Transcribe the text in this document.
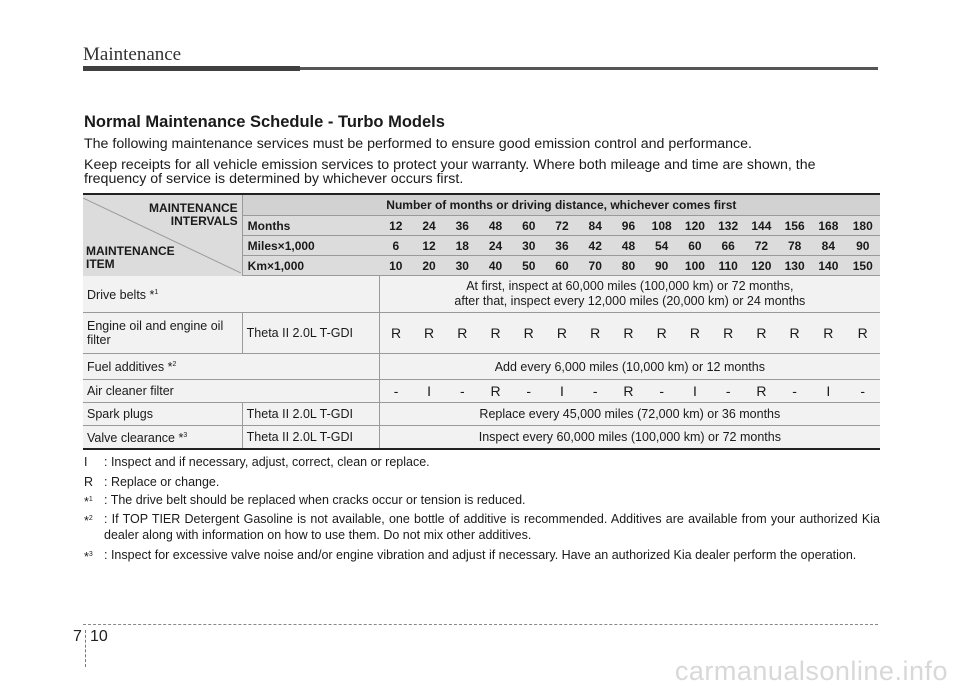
Maintenance
Normal Maintenance Schedule - Turbo Models
The following maintenance services must be performed to ensure good emission control and performance.
Keep receipts for all vehicle emission services to protect your warranty. Where both mileage and time are shown, the
frequency of service is determined by whichever occurs first.
MAINTENANCE
INTERVALS
MAINTENANCE
ITEM	Number of months or driving distance, whichever comes first															
	Months	12	24	36	48	60	72	84	96	108	120	132	144	156	168	180
	Miles×1,000	6	12	18	24	30	36	42	48	54	60	66	72	78	84	90
	Km×1,000	10	20	30	40	50	60	70	80	90	100	110	120	130	140	150
Drive belts *$^1$		At first, inspect at 60,000 miles (100,000 km) or 72 months,
after that, inspect every 12,000 miles (20,000 km) or 24 months														
Engine oil and engine oil
filter	Theta II 2.0L T-GDI	R	R	R	R	R	R	R	R	R	R	R	R	R	R	R
Fuel additives *$^2$		Add every 6,000 miles (10,000 km) or 12 months														
Air cleaner filter		-	I	-	R	-	I	-	R	-	I	-	R	-	I	-
Spark plugs	Theta II 2.0L T-GDI	Replace every 45,000 miles (72,000 km) or 36 months														
Valve clearance *$^3$	Theta II 2.0L T-GDI	Inspect every 60,000 miles (100,000 km) or 72 months														
I : Inspect and if necessary, adjust, correct, clean or replace.
R : Replace or change.
*$^1$ : The drive belt should be replaced when cracks occur or tension is reduced.
*$^2$ : If TOP TIER Detergent Gasoline is not available, one bottle of additive is recommended. Additives are available from your authorized Kia dealer along with information on how to use them. Do not mix other additives.
*$^3$ : Inspect for excessive valve noise and/or engine vibration and adjust if necessary. Have an authorized Kia dealer perform the operation.
7 10
carmanualsonline.info
